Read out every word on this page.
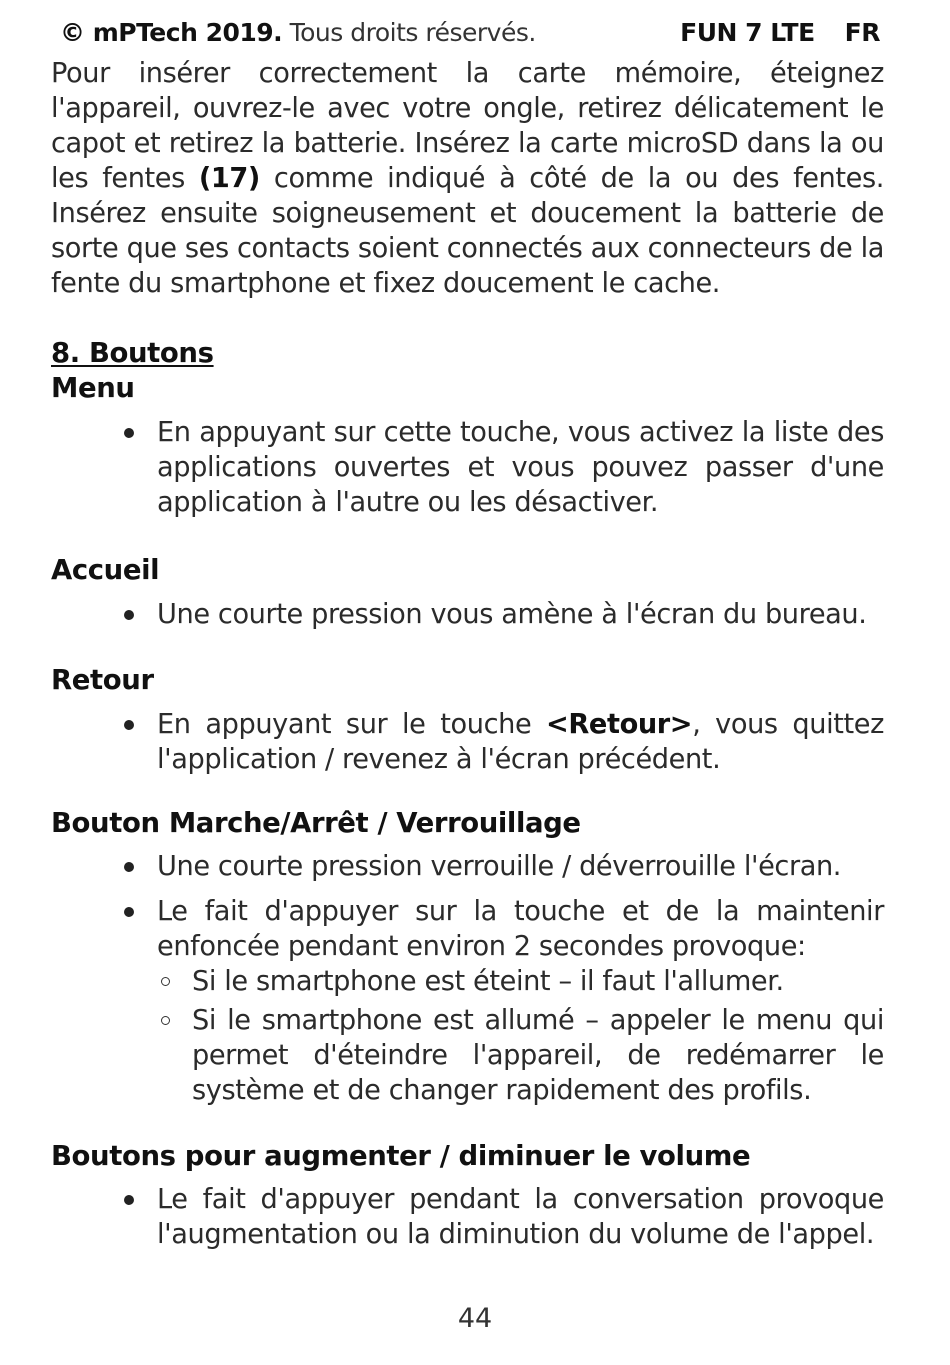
© mPTech 2019. Tous droits réservés.	FUN 7 LTE FR

Pour insérer correctement la carte mémoire, éteignez l'appareil, ouvrez-le avec votre ongle, retirez délicatement le capot et retirez la batterie. Insérez la carte microSD dans la ou les fentes (17) comme indiqué à côté de la ou des fentes. Insérez ensuite soigneusement et doucement la batterie de sorte que ses contacts soient connectés aux connecteurs de la fente du smartphone et fixez doucement le cache.

8. Boutons

Menu

En appuyant sur cette touche, vous activez la liste des applications ouvertes et vous pouvez passer d'une application à l'autre ou les désactiver.

Accueil

Une courte pression vous amène à l'écran du bureau.

Retour

En appuyant sur le touche <Retour>, vous quittez l'application / revenez à l'écran précédent.

Bouton Marche/Arrêt / Verrouillage

Une courte pression verrouille / déverrouille l'écran.
Le fait d'appuyer sur la touche et de la maintenir enfoncée pendant environ 2 secondes provoque:
Si le smartphone est éteint – il faut l'allumer.
Si le smartphone est allumé – appeler le menu qui permet d'éteindre l'appareil, de redémarrer le système et de changer rapidement des profils.

Boutons pour augmenter / diminuer le volume

Le fait d'appuyer pendant la conversation provoque l'augmentation ou la diminution du volume de l'appel.
44
